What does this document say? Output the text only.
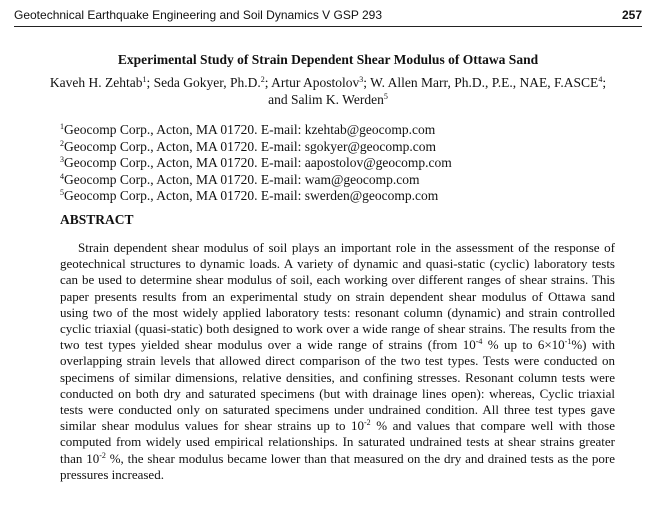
Geotechnical Earthquake Engineering and Soil Dynamics V GSP 293	257
Experimental Study of Strain Dependent Shear Modulus of Ottawa Sand
Kaveh H. Zehtab$^1$; Seda Gokyer, Ph.D.$^2$; Artur Apostolov$^3$; W. Allen Marr, Ph.D., P.E., NAE, F.ASCE$^4$; and Salim K. Werden$^5$
$^1$Geocomp Corp., Acton, MA 01720. E-mail: kzehtab@geocomp.com
$^2$Geocomp Corp., Acton, MA 01720. E-mail: sgokyer@geocomp.com
$^3$Geocomp Corp., Acton, MA 01720. E-mail: aapostolov@geocomp.com
$^4$Geocomp Corp., Acton, MA 01720. E-mail: wam@geocomp.com
$^5$Geocomp Corp., Acton, MA 01720. E-mail: swerden@geocomp.com
ABSTRACT

Strain dependent shear modulus of soil plays an important role in the assessment of the response of geotechnical structures to dynamic loads. A variety of dynamic and quasi-static (cyclic) laboratory tests can be used to determine shear modulus of soil, each working over different ranges of shear strains. This paper presents results from an experimental study on strain dependent shear modulus of Ottawa sand using two of the most widely applied laboratory tests: resonant column (dynamic) and strain controlled cyclic triaxial (quasi-static) both designed to work over a wide range of shear strains. The results from the two test types yielded shear modulus over a wide range of strains (from $10^{-4}$ % up to $6\times 10^{-1}\%$) with overlapping strain levels that allowed direct comparison of the two test types. Tests were conducted on specimens of similar dimensions, relative densities, and confining stresses. Resonant column tests were conducted on both dry and saturated specimens (but with drainage lines open): whereas, Cyclic triaxial tests were conducted only on saturated specimens under undrained condition. All three test types gave similar shear modulus values for shear strains up to $10^{-2}$ % and values that compare well with those computed from widely used empirical relationships. In saturated undrained tests at shear strains greater than $10^{-2}$ %, the shear modulus became lower than that measured on the dry and drained tests as the pore pressures increased.
